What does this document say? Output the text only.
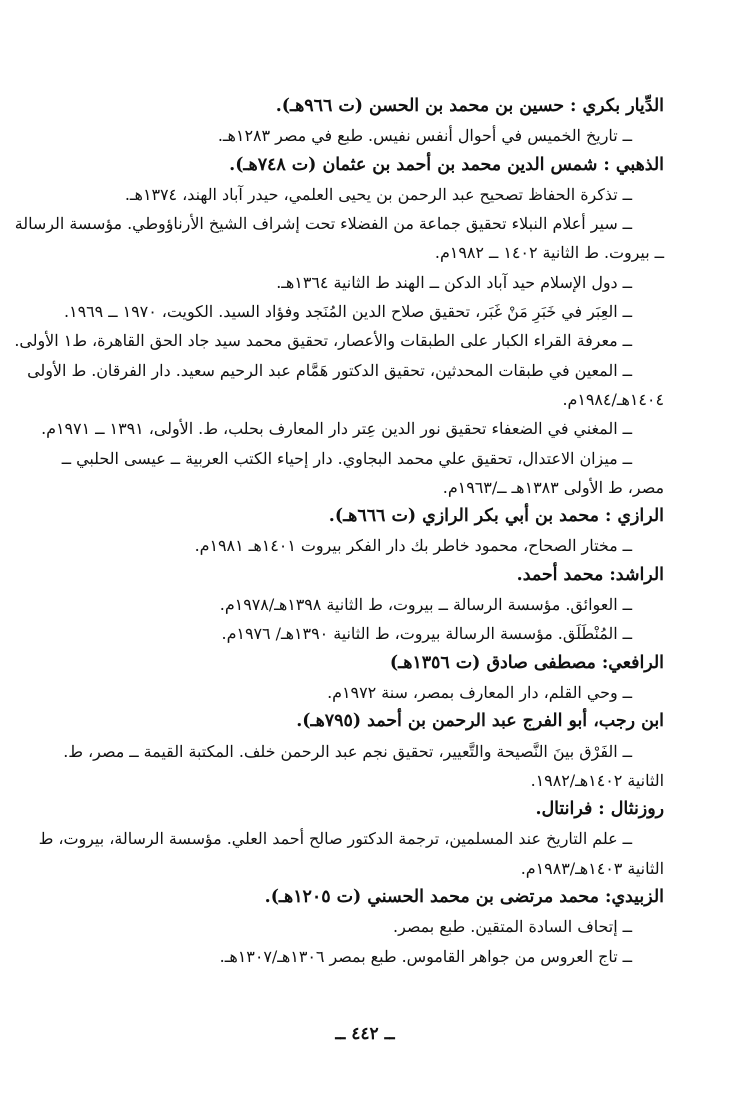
الدِّيار بكري : حسين بن محمد بن الحسن (ت ٩٦٦هـ).
ــ تاريخ الخميس في أحوال أنفس نفيس. طبع في مصر ١٢٨٣هـ.
الذهبي : شمس الدين محمد بن أحمد بن عثمان (ت ٧٤٨هـ).
ــ تذكرة الحفاظ تصحيح عبد الرحمن بن يحيى العلمي، حيدر آباد الهند، ١٣٧٤هـ.
ــ سير أعلام النبلاء تحقيق جماعة من الفضلاء تحت إشراف الشيخ الأرناؤوطي. مؤسسة الرسالة
ــ بيروت. ط الثانية ١٤٠٢ ــ ١٩٨٢م.
ــ دول الإسلام حيد آباد الدكن ــ الهند ط الثانية ١٣٦٤هـ.
ــ العِبَر في خَبَرِ مَنْ غَبَر، تحقيق صلاح الدين المُنَجد وفؤاد السيد. الكويت، ١٩٧٠ ــ ١٩٦٩.
ــ معرفة القراء الكبار على الطبقات والأعصار، تحقيق محمد سيد جاد الحق القاهرة، ط١ الأولى.
ــ المعين في طبقات المحدثين، تحقيق الدكتور هَمَّام عبد الرحيم سعيد. دار الفرقان. ط الأولى
١٤٠٤هـ/١٩٨٤م.
ــ المغني في الضعفاء تحقيق نور الدين عِتر دار المعارف بحلب، ط. الأولى، ١٣٩١ ــ ١٩٧١م.
ــ ميزان الاعتدال، تحقيق علي محمد البجاوي. دار إحياء الكتب العربية ــ عيسى الحلبي ــ
مصر، ط الأولى ١٣٨٣هـ ــ/١٩٦٣م.
الرازي : محمد بن أبي بكر الرازي (ت ٦٦٦هـ).
ــ مختار الصحاح، محمود خاطر بك دار الفكر بيروت ١٤٠١هـ ١٩٨١م.
الراشد: محمد أحمد.
ــ العوائق. مؤسسة الرسالة ــ بيروت، ط الثانية ١٣٩٨هـ/١٩٧٨م.
ــ المُنْطَلَق. مؤسسة الرسالة بيروت، ط الثانية ١٣٩٠هـ/ ١٩٧٦م.
الرافعي: مصطفى صادق (ت ١٣٥٦هـ)
ــ وحي القلم، دار المعارف بمصر، سنة ١٩٧٢م.
ابن رجب، أبو الفرج عبد الرحمن بن أحمد (٧٩٥هـ).
ــ الفَرْق بينَ النَّصيحة والتَّعيير، تحقيق نجم عبد الرحمن خلف. المكتبة القيمة ــ مصر، ط.
الثانية ١٤٠٢هـ/١٩٨٢.
روزنثال : فرانتال.
ــ علم التاريخ عند المسلمين، ترجمة الدكتور صالح أحمد العلي. مؤسسة الرسالة، بيروت، ط
الثانية ١٤٠٣هـ/١٩٨٣م.
الزبيدي: محمد مرتضى بن محمد الحسني (ت ١٢٠٥هـ).
ــ إتحاف السادة المتقين. طبع بمصر.
ــ تاج العروس من جواهر القاموس. طبع بمصر ١٣٠٦هـ/١٣٠٧هـ.
ــ ٤٤٢ ــ
